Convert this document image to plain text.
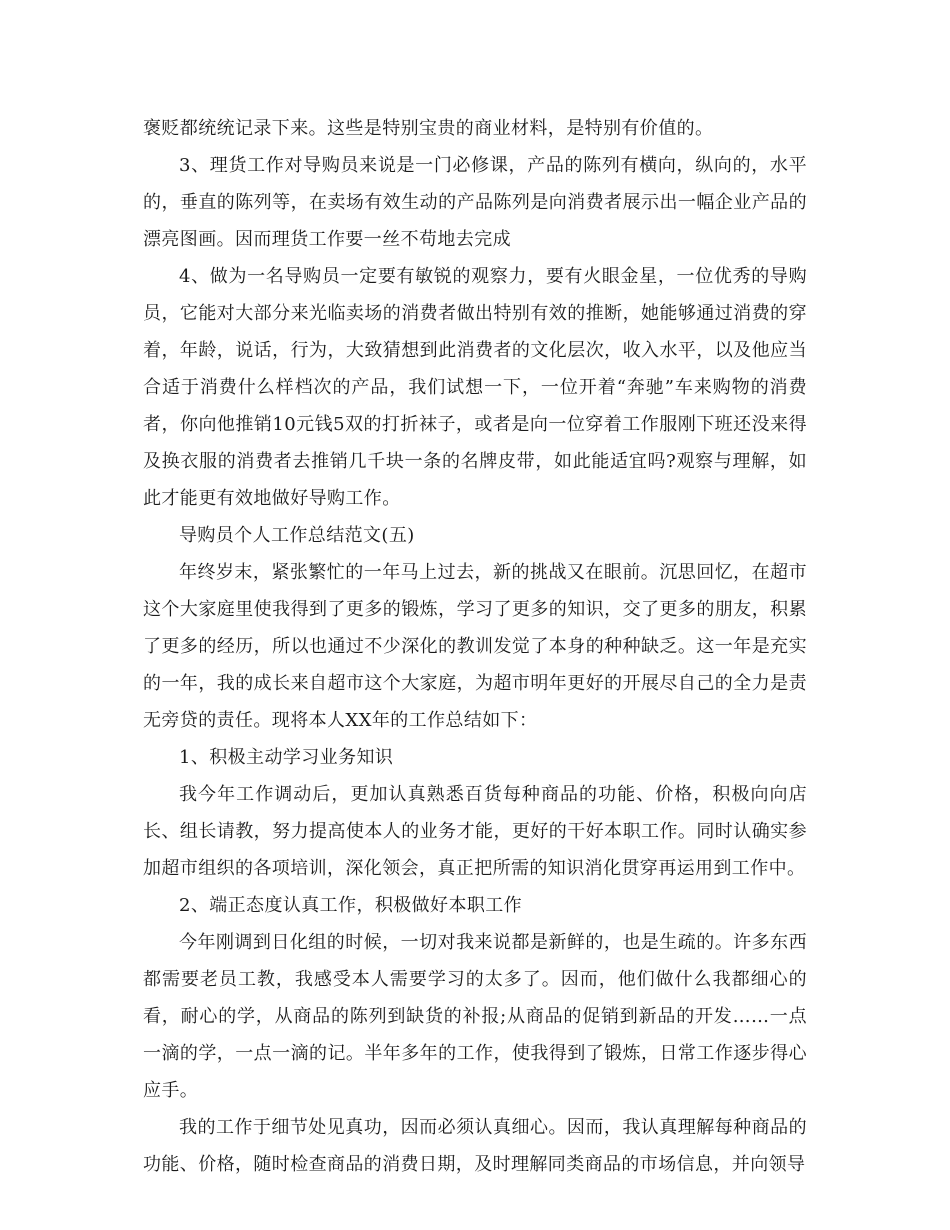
褒贬都统统记录下来。这些是特别宝贵的商业材料，是特别有价值的。

3、理货工作对导购员来说是一门必修课，产品的陈列有横向，纵向的，水平的，垂直的陈列等，在卖场有效生动的产品陈列是向消费者展示出一幅企业产品的漂亮图画。因而理货工作要一丝不苟地去完成

4、做为一名导购员一定要有敏锐的观察力，要有火眼金星，一位优秀的导购员，它能对大部分来光临卖场的消费者做出特别有效的推断，她能够通过消费的穿着，年龄，说话，行为，大致猜想到此消费者的文化层次，收入水平，以及他应当合适于消费什么样档次的产品，我们试想一下，一位开着“奔驰”车来购物的消费者，你向他推销10元钱5双的打折袜子，或者是向一位穿着工作服刚下班还没来得及换衣服的消费者去推销几千块一条的名牌皮带，如此能适宜吗?观察与理解，如此才能更有效地做好导购工作。

导购员个人工作总结范文(五)

年终岁末，紧张繁忙的一年马上过去，新的挑战又在眼前。沉思回忆，在超市这个大家庭里使我得到了更多的锻炼，学习了更多的知识，交了更多的朋友，积累了更多的经历，所以也通过不少深化的教训发觉了本身的种种缺乏。这一年是充实的一年，我的成长来自超市这个大家庭，为超市明年更好的开展尽自己的全力是责无旁贷的责任。现将本人XX年的工作总结如下：

1、积极主动学习业务知识

我今年工作调动后，更加认真熟悉百货每种商品的功能、价格，积极向向店长、组长请教，努力提高使本人的业务才能，更好的干好本职工作。同时认确实参加超市组织的各项培训，深化领会，真正把所需的知识消化贯穿再运用到工作中。

2、端正态度认真工作，积极做好本职工作

今年刚调到日化组的时候，一切对我来说都是新鲜的，也是生疏的。许多东西都需要老员工教，我感受本人需要学习的太多了。因而，他们做什么我都细心的看，耐心的学，从商品的陈列到缺货的补报;从商品的促销到新品的开发……一点一滴的学，一点一滴的记。半年多年的工作，使我得到了锻炼，日常工作逐步得心应手。

我的工作于细节处见真功，因而必须认真细心。因而，我认真理解每种商品的功能、价格，随时检查商品的消费日期，及时理解同类商品的市场信息，并向领导
